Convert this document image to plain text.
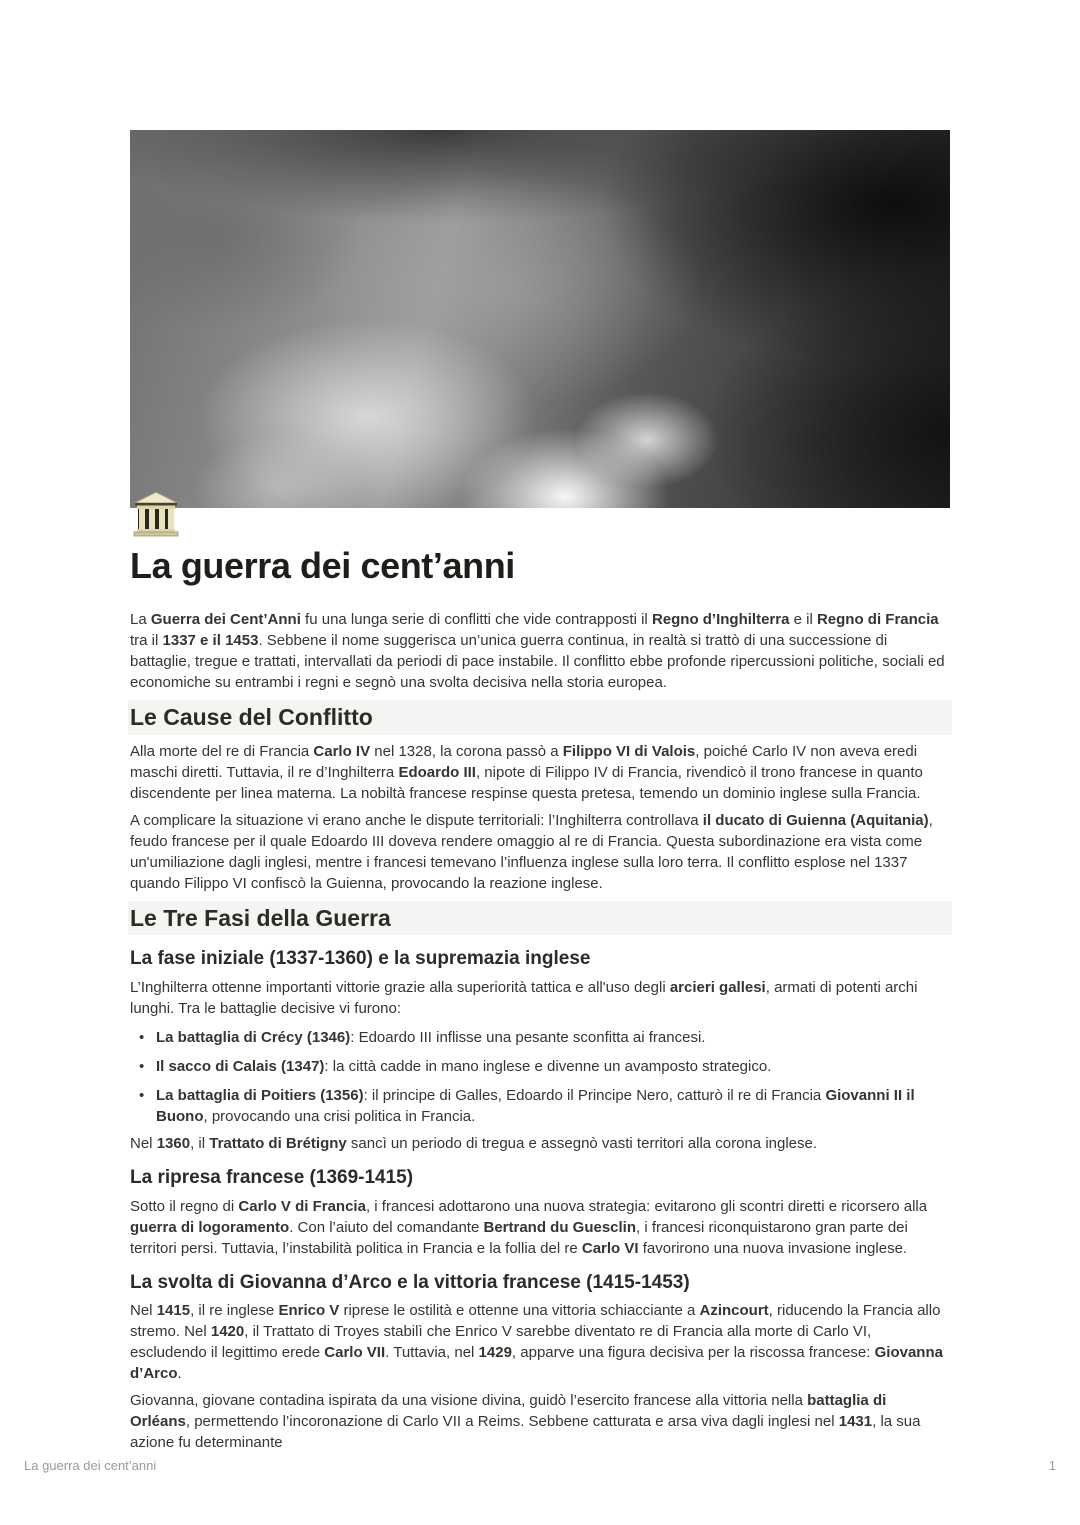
La guerra dei cent’anni

La Guerra dei Cent’Anni fu una lunga serie di conflitti che vide contrapposti il Regno d’Inghilterra e il Regno di Francia tra il 1337 e il 1453. Sebbene il nome suggerisca un’unica guerra continua, in realtà si trattò di una successione di battaglie, tregue e trattati, intervallati da periodi di pace instabile. Il conflitto ebbe profonde ripercussioni politiche, sociali ed economiche su entrambi i regni e segnò una svolta decisiva nella storia europea.

Le Cause del Conflitto

Alla morte del re di Francia Carlo IV nel 1328, la corona passò a Filippo VI di Valois, poiché Carlo IV non aveva eredi maschi diretti. Tuttavia, il re d’Inghilterra Edoardo III, nipote di Filippo IV di Francia, rivendicò il trono francese in quanto discendente per linea materna. La nobiltà francese respinse questa pretesa, temendo un dominio inglese sulla Francia.

A complicare la situazione vi erano anche le dispute territoriali: l’Inghilterra controllava il ducato di Guienna (Aquitania), feudo francese per il quale Edoardo III doveva rendere omaggio al re di Francia. Questa subordinazione era vista come un'umiliazione dagli inglesi, mentre i francesi temevano l’influenza inglese sulla loro terra. Il conflitto esplose nel 1337 quando Filippo VI confiscò la Guienna, provocando la reazione inglese.

Le Tre Fasi della Guerra
La fase iniziale (1337-1360) e la supremazia inglese

L’Inghilterra ottenne importanti vittorie grazie alla superiorità tattica e all'uso degli arcieri gallesi, armati di potenti archi lunghi. Tra le battaglie decisive vi furono:

• La battaglia di Crécy (1346): Edoardo III inflisse una pesante sconfitta ai francesi.
• Il sacco di Calais (1347): la città cadde in mano inglese e divenne un avamposto strategico.
• La battaglia di Poitiers (1356): il principe di Galles, Edoardo il Principe Nero, catturò il re di Francia Giovanni II il Buono, provocando una crisi politica in Francia.

Nel 1360, il Trattato di Brétigny sancì un periodo di tregua e assegnò vasti territori alla corona inglese.

La ripresa francese (1369-1415)

Sotto il regno di Carlo V di Francia, i francesi adottarono una nuova strategia: evitarono gli scontri diretti e ricorsero alla guerra di logoramento. Con l’aiuto del comandante Bertrand du Guesclin, i francesi riconquistarono gran parte dei territori persi. Tuttavia, l’instabilità politica in Francia e la follia del re Carlo VI favorirono una nuova invasione inglese.

La svolta di Giovanna d’Arco e la vittoria francese (1415-1453)

Nel 1415, il re inglese Enrico V riprese le ostilità e ottenne una vittoria schiacciante a Azincourt, riducendo la Francia allo stremo. Nel 1420, il Trattato di Troyes stabilì che Enrico V sarebbe diventato re di Francia alla morte di Carlo VI, escludendo il legittimo erede Carlo VII. Tuttavia, nel 1429, apparve una figura decisiva per la riscossa francese: Giovanna d’Arco.

Giovanna, giovane contadina ispirata da una visione divina, guidò l’esercito francese alla vittoria nella battaglia di Orléans, permettendo l’incoronazione di Carlo VII a Reims. Sebbene catturata e arsa viva dagli inglesi nel 1431, la sua azione fu determinante

La guerra dei cent’anni	1
